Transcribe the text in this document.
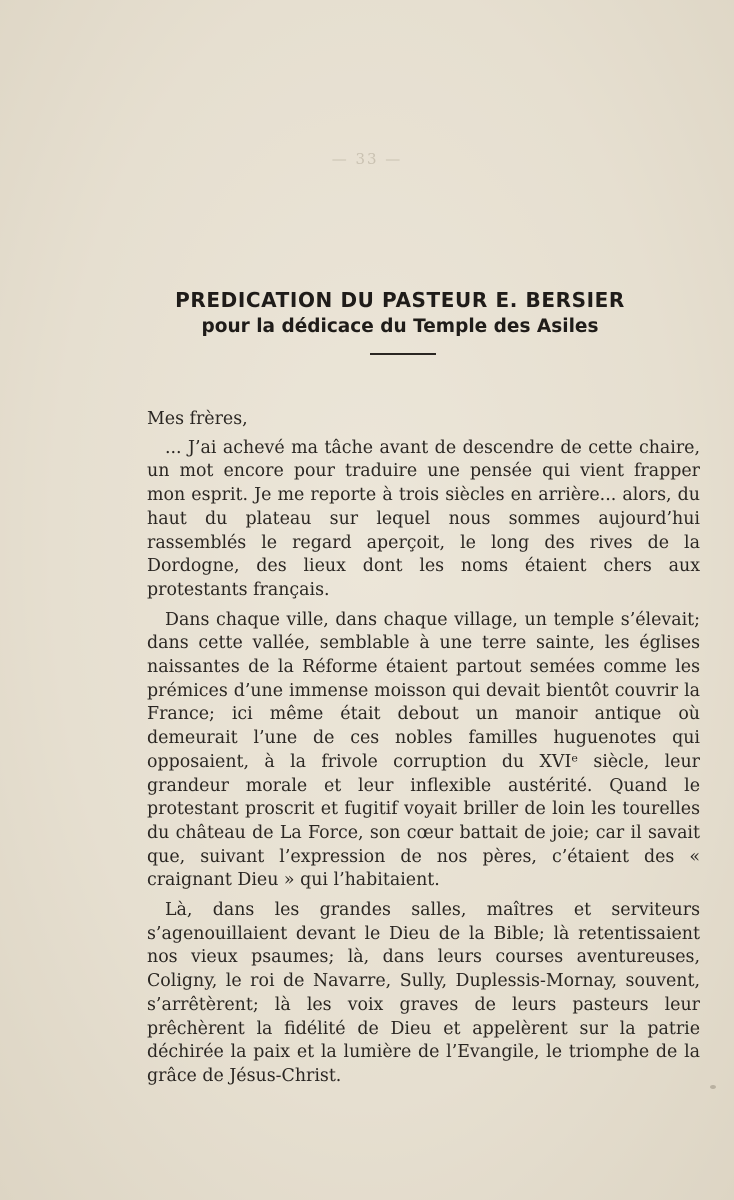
— 33 —
PREDICATION DU PASTEUR E. BERSIER
pour la dédicace du Temple des Asiles

Mes frères,

... J’ai achevé ma tâche avant de descendre de cette chaire, un mot encore pour traduire une pensée qui vient frapper mon esprit. Je me reporte à trois siècles en arrière... alors, du haut du plateau sur lequel nous sommes aujourd’hui rassemblés le regard aperçoit, le long des rives de la Dordogne, des lieux dont les noms étaient chers aux protestants français.

Dans chaque ville, dans chaque village, un temple s’élevait; dans cette vallée, semblable à une terre sainte, les églises naissantes de la Réforme étaient partout semées comme les prémices d’une immense moisson qui devait bientôt couvrir la France; ici même était debout un manoir antique où demeurait l’une de ces nobles familles huguenotes qui opposaient, à la frivole corruption du XVIᵉ siècle, leur grandeur morale et leur inflexible austérité. Quand le protestant proscrit et fugitif voyait briller de loin les tourelles du château de La Force, son cœur battait de joie; car il savait que, suivant l’expression de nos pères, c’étaient des « craignant Dieu » qui l’habitaient.

Là, dans les grandes salles, maîtres et serviteurs s’agenouillaient devant le Dieu de la Bible; là retentissaient nos vieux psaumes; là, dans leurs courses aventureuses, Coligny, le roi de Navarre, Sully, Duplessis-Mornay, souvent, s’arrêtèrent; là les voix graves de leurs pasteurs leur prêchèrent la fidélité de Dieu et appelèrent sur la patrie déchirée la paix et la lumière de l’Evangile, le triomphe de la grâce de Jésus-Christ.
